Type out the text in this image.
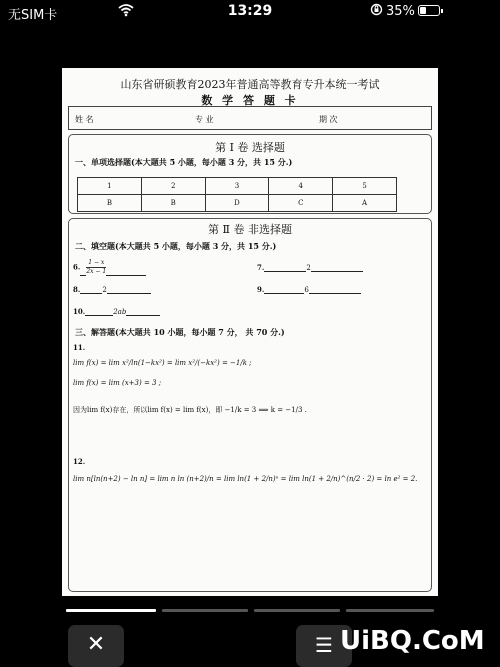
无SIM卡	13:29	35%
山东省研硕教育2023年普通高等教育专升本统一考试
数 学 答 题 卡
姓 名	专 业	期 次
第 Ⅰ 卷 选择题
一、单项选择题(本大题共 5 小题，每小题 3 分，共 15 分.)
1	2	3	4	5
B	B	D	C	A
第 Ⅱ 卷 非选择题
二、填空题(本大题共 5 小题，每小题 3 分，共 15 分.)
6. $\frac{1 - x}{2x - 1}$	7.	2
8.	2	9.	6
10.	2ab
三、解答题(本大题共 10 小题，每小题 7 分， 共 70 分.)
11.
lim f(x) = lim x²/ln(1−kx²) = lim x²/(−kx²) = −1/k ;
lim f(x) = lim (x+3) = 3 ;
因为lim f(x)存在，所以lim f(x) = lim f(x)，即 −1/k = 3 ⟹ k = −1/3 .
12.
lim n[ln(n+2) − ln n] = lim n ln (n+2)/n = lim ln(1 + 2/n)ⁿ = lim ln(1 + 2/n)^(n/2 · 2) = ln e² = 2.
✕	☰ UiBQ.CoM
